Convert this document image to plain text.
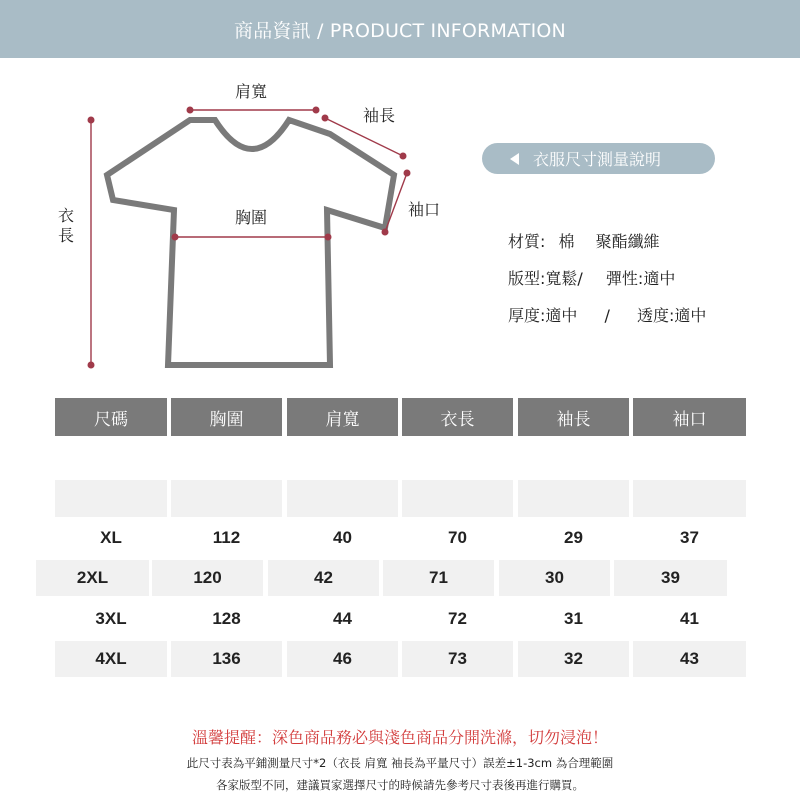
商品資訊 / PRODUCT INFORMATION
肩寬
袖長
袖口
胸圍
衣
長
衣服尺寸測量說明
材質: 棉 聚酯纖維
版型:寬鬆/ 彈性:適中
厚度:適中 / 透度:適中
尺碼	胸圍	肩寬	衣長	袖長	袖口
XL	112	40	70	29	37
2XL	120	42	71	30	39
3XL	128	44	72	31	41
4XL	136	46	73	32	43
溫馨提醒：深色商品務必與淺色商品分開洗滌，切勿浸泡！
此尺寸表為平鋪測量尺寸*2（衣長 肩寬 袖長為平量尺寸）誤差±1-3cm 為合理範圍
各家版型不同，建議買家選擇尺寸的時候請先參考尺寸表後再進行購買。
